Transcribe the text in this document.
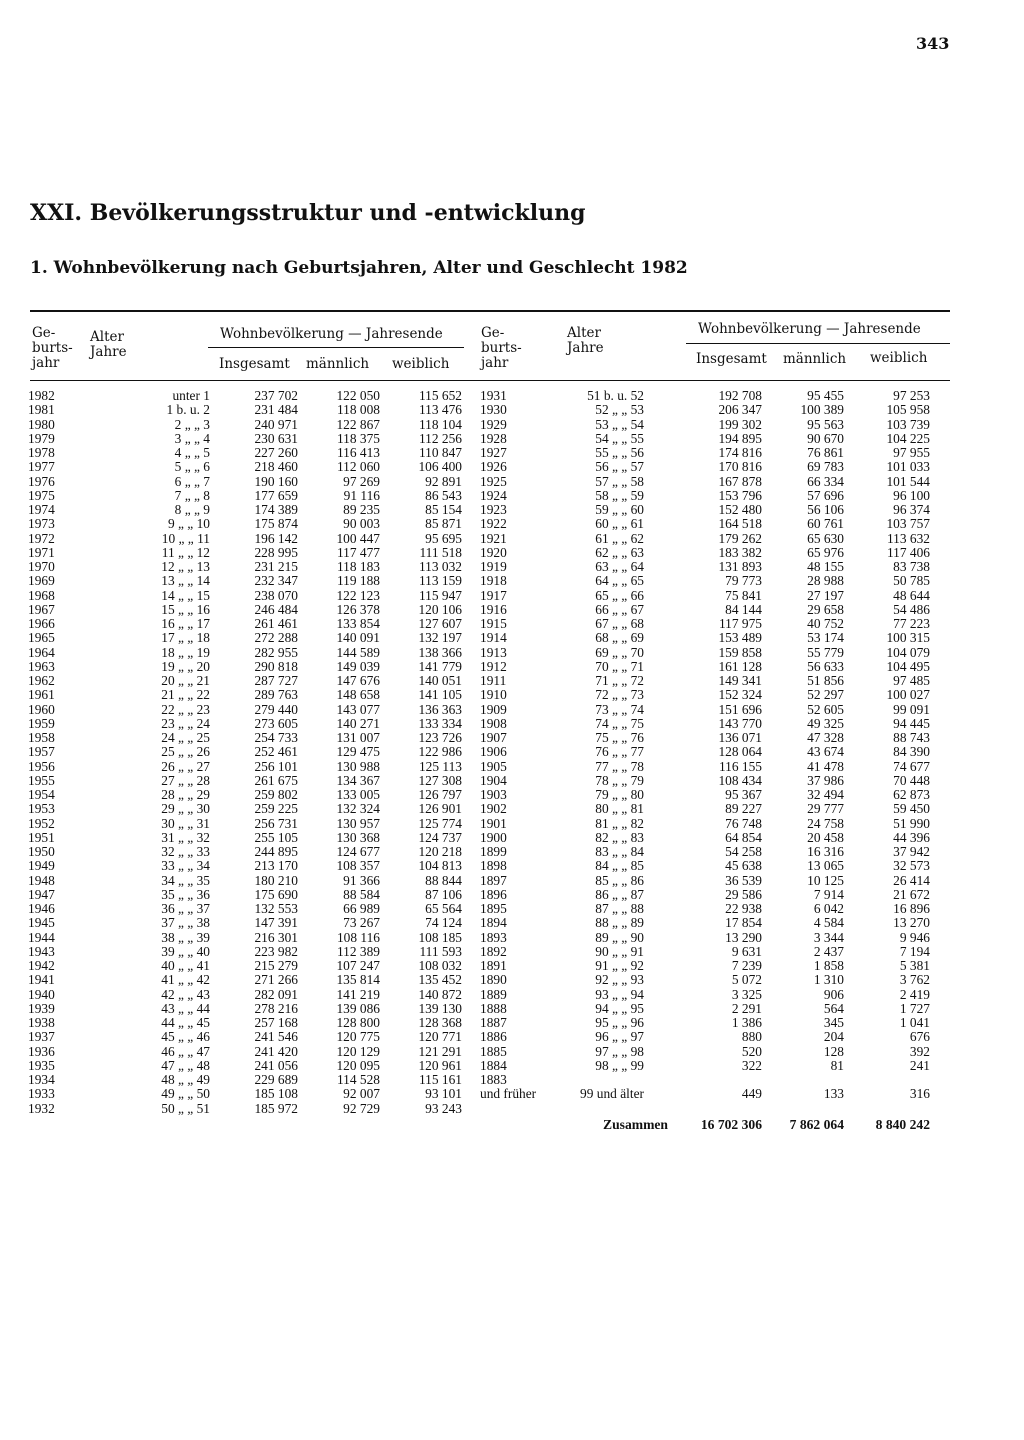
343
XXI. Bevölkerungsstruktur und -entwicklung
1. Wohnbevölkerung nach Geburtsjahren, Alter und Geschlecht 1982
Ge-
burts-
jahr
Alter
Jahre
Wohnbevölkerung — Jahresende
Insgesamt männlich weiblich
Ge-
burts-
jahr
Alter
Jahre
Wohnbevölkerung — Jahresende
Insgesamt männlich weiblich
1982	unter 1	237 702	122 050	115 652
1981	1 b. u. 2	231 484	118 008	113 476
1980	2 „ „ 3	240 971	122 867	118 104
1979	3 „ „ 4	230 631	118 375	112 256
1978	4 „ „ 5	227 260	116 413	110 847
1977	5 „ „ 6	218 460	112 060	106 400
1976	6 „ „ 7	190 160	97 269	92 891
1975	7 „ „ 8	177 659	91 116	86 543
1974	8 „ „ 9	174 389	89 235	85 154
1973	9 „ „ 10	175 874	90 003	85 871
1972	10 „ „ 11	196 142	100 447	95 695
1971	11 „ „ 12	228 995	117 477	111 518
1970	12 „ „ 13	231 215	118 183	113 032
1969	13 „ „ 14	232 347	119 188	113 159
1968	14 „ „ 15	238 070	122 123	115 947
1967	15 „ „ 16	246 484	126 378	120 106
1966	16 „ „ 17	261 461	133 854	127 607
1965	17 „ „ 18	272 288	140 091	132 197
1964	18 „ „ 19	282 955	144 589	138 366
1963	19 „ „ 20	290 818	149 039	141 779
1962	20 „ „ 21	287 727	147 676	140 051
1961	21 „ „ 22	289 763	148 658	141 105
1960	22 „ „ 23	279 440	143 077	136 363
1959	23 „ „ 24	273 605	140 271	133 334
1958	24 „ „ 25	254 733	131 007	123 726
1957	25 „ „ 26	252 461	129 475	122 986
1956	26 „ „ 27	256 101	130 988	125 113
1955	27 „ „ 28	261 675	134 367	127 308
1954	28 „ „ 29	259 802	133 005	126 797
1953	29 „ „ 30	259 225	132 324	126 901
1952	30 „ „ 31	256 731	130 957	125 774
1951	31 „ „ 32	255 105	130 368	124 737
1950	32 „ „ 33	244 895	124 677	120 218
1949	33 „ „ 34	213 170	108 357	104 813
1948	34 „ „ 35	180 210	91 366	88 844
1947	35 „ „ 36	175 690	88 584	87 106
1946	36 „ „ 37	132 553	66 989	65 564
1945	37 „ „ 38	147 391	73 267	74 124
1944	38 „ „ 39	216 301	108 116	108 185
1943	39 „ „ 40	223 982	112 389	111 593
1942	40 „ „ 41	215 279	107 247	108 032
1941	41 „ „ 42	271 266	135 814	135 452
1940	42 „ „ 43	282 091	141 219	140 872
1939	43 „ „ 44	278 216	139 086	139 130
1938	44 „ „ 45	257 168	128 800	128 368
1937	45 „ „ 46	241 546	120 775	120 771
1936	46 „ „ 47	241 420	120 129	121 291
1935	47 „ „ 48	241 056	120 095	120 961
1934	48 „ „ 49	229 689	114 528	115 161
1933	49 „ „ 50	185 108	92 007	93 101
1932	50 „ „ 51	185 972	92 729	93 243
1931	51 b. u. 52	192 708	95 455	97 253
1930	52 „ „ 53	206 347	100 389	105 958
1929	53 „ „ 54	199 302	95 563	103 739
1928	54 „ „ 55	194 895	90 670	104 225
1927	55 „ „ 56	174 816	76 861	97 955
1926	56 „ „ 57	170 816	69 783	101 033
1925	57 „ „ 58	167 878	66 334	101 544
1924	58 „ „ 59	153 796	57 696	96 100
1923	59 „ „ 60	152 480	56 106	96 374
1922	60 „ „ 61	164 518	60 761	103 757
1921	61 „ „ 62	179 262	65 630	113 632
1920	62 „ „ 63	183 382	65 976	117 406
1919	63 „ „ 64	131 893	48 155	83 738
1918	64 „ „ 65	79 773	28 988	50 785
1917	65 „ „ 66	75 841	27 197	48 644
1916	66 „ „ 67	84 144	29 658	54 486
1915	67 „ „ 68	117 975	40 752	77 223
1914	68 „ „ 69	153 489	53 174	100 315
1913	69 „ „ 70	159 858	55 779	104 079
1912	70 „ „ 71	161 128	56 633	104 495
1911	71 „ „ 72	149 341	51 856	97 485
1910	72 „ „ 73	152 324	52 297	100 027
1909	73 „ „ 74	151 696	52 605	99 091
1908	74 „ „ 75	143 770	49 325	94 445
1907	75 „ „ 76	136 071	47 328	88 743
1906	76 „ „ 77	128 064	43 674	84 390
1905	77 „ „ 78	116 155	41 478	74 677
1904	78 „ „ 79	108 434	37 986	70 448
1903	79 „ „ 80	95 367	32 494	62 873
1902	80 „ „ 81	89 227	29 777	59 450
1901	81 „ „ 82	76 748	24 758	51 990
1900	82 „ „ 83	64 854	20 458	44 396
1899	83 „ „ 84	54 258	16 316	37 942
1898	84 „ „ 85	45 638	13 065	32 573
1897	85 „ „ 86	36 539	10 125	26 414
1896	86 „ „ 87	29 586	7 914	21 672
1895	87 „ „ 88	22 938	6 042	16 896
1894	88 „ „ 89	17 854	4 584	13 270
1893	89 „ „ 90	13 290	3 344	9 946
1892	90 „ „ 91	9 631	2 437	7 194
1891	91 „ „ 92	7 239	1 858	5 381
1890	92 „ „ 93	5 072	1 310	3 762
1889	93 „ „ 94	3 325	906	2 419
1888	94 „ „ 95	2 291	564	1 727
1887	95 „ „ 96	1 386	345	1 041
1886	96 „ „ 97	880	204	676
1885	97 „ „ 98	520	128	392
1884	98 „ „ 99	322	81	241
1883
und früher	99 und älter	449	133	316
Zusammen	16 702 306	7 862 064	8 840 242
